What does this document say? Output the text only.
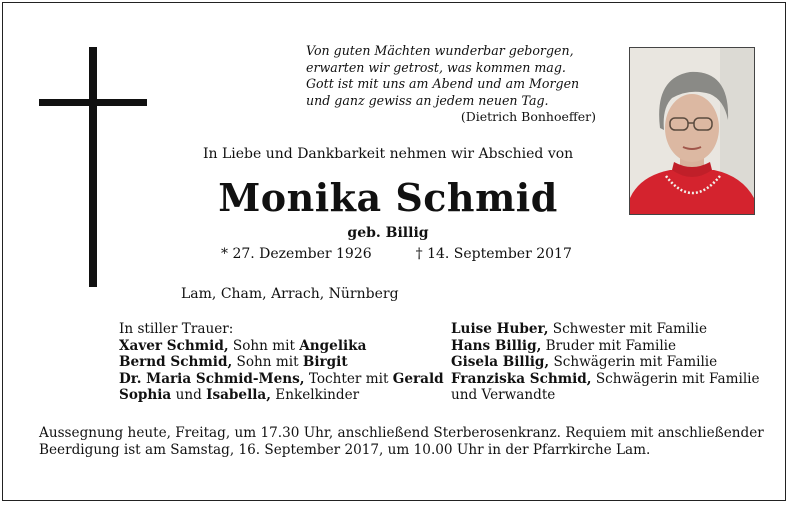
Von guten Mächten wunderbar geborgen,
erwarten wir getrost, was kommen mag.
Gott ist mit uns am Abend und am Morgen
und ganz gewiss an jedem neuen Tag.
(Dietrich Bonhoeffer)
In Liebe und Dankbarkeit nehmen wir Abschied von
Monika Schmid
geb. Billig
* 27. Dezember 1926	† 14. September 2017
Lam, Cham, Arrach, Nürnberg
In stiller Trauer:
Xaver Schmid, Sohn mit Angelika
Bernd Schmid, Sohn mit Birgit
Dr. Maria Schmid-Mens, Tochter mit Gerald
Sophia und Isabella, Enkelkinder
Luise Huber, Schwester mit Familie
Hans Billig, Bruder mit Familie
Gisela Billig, Schwägerin mit Familie
Franziska Schmid, Schwägerin mit Familie
und Verwandte
Aussegnung heute, Freitag, um 17.30 Uhr, anschließend Sterberosenkranz. Requiem mit anschließender
Beerdigung ist am Samstag, 16. September 2017, um 10.00 Uhr in der Pfarrkirche Lam.
